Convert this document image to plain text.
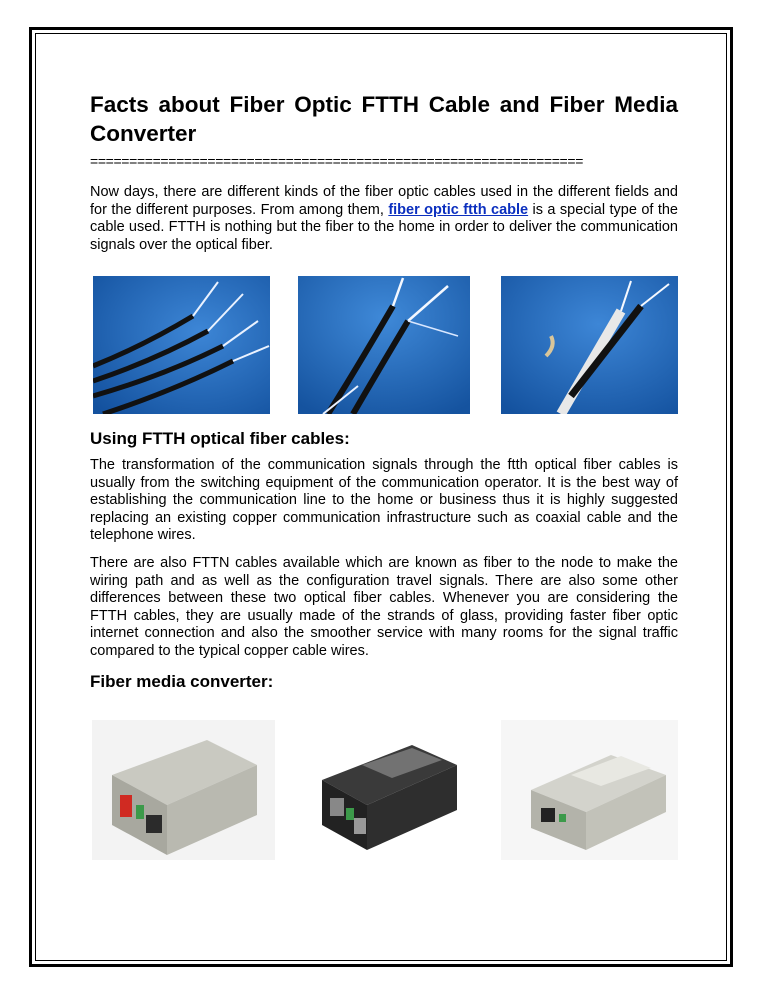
Facts about Fiber Optic FTTH Cable and Fiber Media Converter
===============================================================

Now days, there are different kinds of the fiber optic cables used in the different fields and for the different purposes. From among them, fiber optic ftth cable is a special type of the cable used. FTTH is nothing but the fiber to the home in order to deliver the communication signals over the optical fiber.

Using FTTH optical fiber cables:

The transformation of the communication signals through the ftth optical fiber cables is usually from the switching equipment of the communication operator. It is the best way of establishing the communication line to the home or business thus it is highly suggested replacing an existing copper communication infrastructure such as coaxial cable and the telephone wires.

There are also FTTN cables available which are known as fiber to the node to make the wiring path and as well as the configuration travel signals. There are also some other differences between these two optical fiber cables. Whenever you are considering the FTTH cables, they are usually made of the strands of glass, providing faster fiber optic internet connection and also the smoother service with many rooms for the signal traffic compared to the typical copper cable wires.

Fiber media converter:
